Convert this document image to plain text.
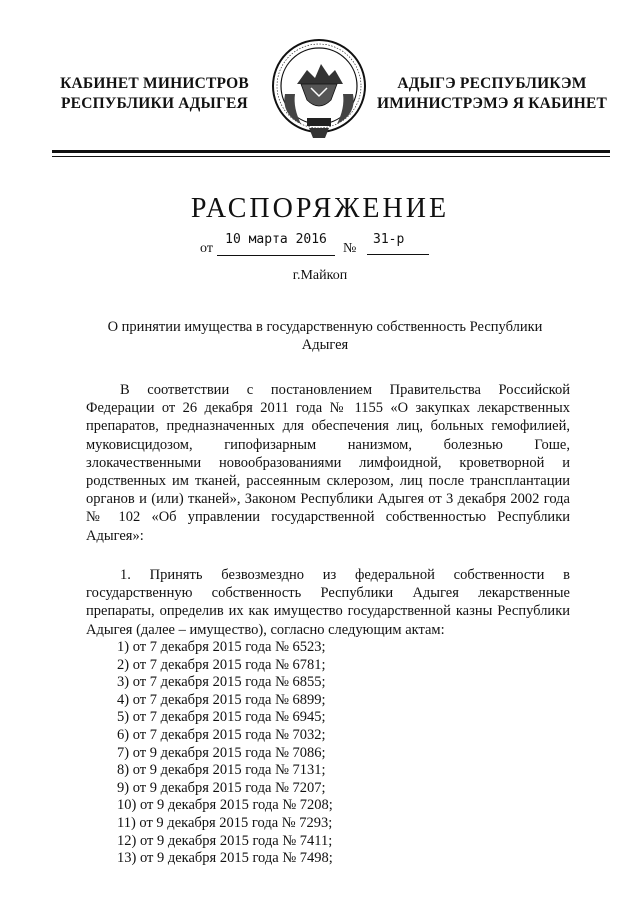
КАБИНЕТ МИНИСТРОВ
РЕСПУБЛИКИ АДЫГЕЯ
АДЫГЭ РЕСПУБЛИКЭМ
ИМИНИСТРЭМЭ Я КАБИНЕТ
РАСПОРЯЖЕНИЕ
от
10 марта 2016
№
31-р
г.Майкоп
О принятии имущества в государственную собственность Республики Адыгея
В соответствии с постановлением Правительства Российской Федерации от 26 декабря 2011 года № 1155 «О закупках лекарственных препаратов, предназначенных для обеспечения лиц, больных гемофилией, муковисцидозом, гипофизарным нанизмом, болезнью Гоше, злокачественными новообразованиями лимфоидной, кроветворной и родственных им тканей, рассеянным склерозом, лиц после трансплантации органов и (или) тканей», Законом Республики Адыгея от 3 декабря 2002 года № 102 «Об управлении государственной собственностью Республики Адыгея»:
1. Принять безвозмездно из федеральной собственности в государственную собственность Республики Адыгея лекарственные препараты, определив их как имущество государственной казны Республики Адыгея (далее – имущество), согласно следующим актам:
1) от 7 декабря 2015 года № 6523;
2) от 7 декабря 2015 года № 6781;
3) от 7 декабря 2015 года № 6855;
4) от 7 декабря 2015 года № 6899;
5) от 7 декабря 2015 года № 6945;
6) от 7 декабря 2015 года № 7032;
7) от 9 декабря 2015 года № 7086;
8) от 9 декабря 2015 года № 7131;
9) от 9 декабря 2015 года № 7207;
10) от 9 декабря 2015 года № 7208;
11) от 9 декабря 2015 года № 7293;
12) от 9 декабря 2015 года № 7411;
13) от 9 декабря 2015 года № 7498;
